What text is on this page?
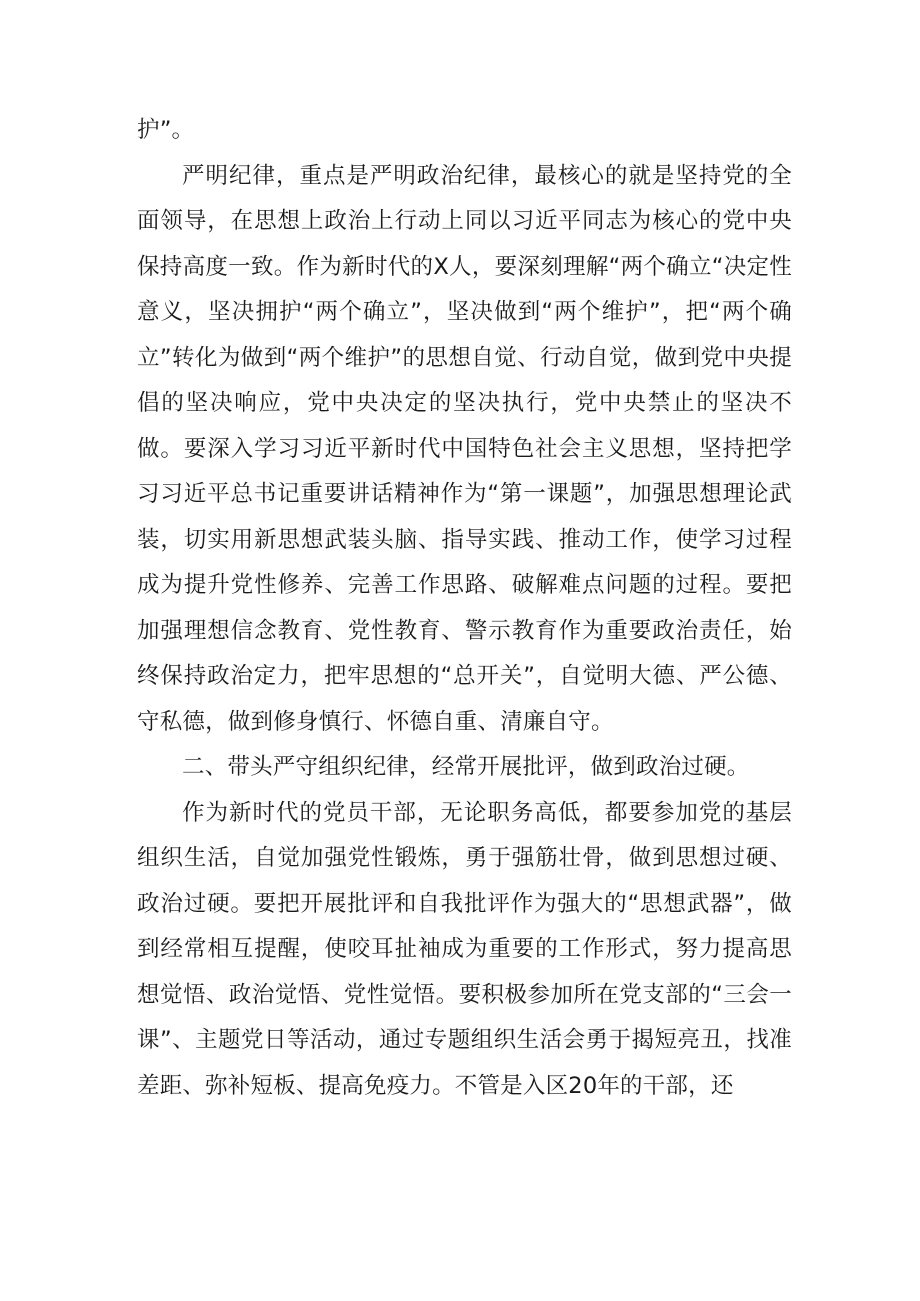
护”。

严明纪律，重点是严明政治纪律，最核心的就是坚持党的全面领导，在思想上政治上行动上同以习近平同志为核心的党中央保持高度一致。作为新时代的X人，要深刻理解“两个确立“决定性意义，坚决拥护“两个确立”，坚决做到“两个维护”，把“两个确立”转化为做到“两个维护”的思想自觉、行动自觉，做到党中央提倡的坚决响应，党中央决定的坚决执行，党中央禁止的坚决不做。要深入学习习近平新时代中国特色社会主义思想，坚持把学习习近平总书记重要讲话精神作为“第一课题”，加强思想理论武装，切实用新思想武装头脑、指导实践、推动工作，使学习过程成为提升党性修养、完善工作思路、破解难点问题的过程。要把加强理想信念教育、党性教育、警示教育作为重要政治责任，始终保持政治定力，把牢思想的“总开关”，自觉明大德、严公德、守私德，做到修身慎行、怀德自重、清廉自守。

二、带头严守组织纪律，经常开展批评，做到政治过硬。

作为新时代的党员干部，无论职务高低，都要参加党的基层组织生活，自觉加强党性锻炼，勇于强筋壮骨，做到思想过硬、政治过硬。要把开展批评和自我批评作为强大的“思想武器”，做到经常相互提醒，使咬耳扯袖成为重要的工作形式，努力提高思想觉悟、政治觉悟、党性觉悟。要积极参加所在党支部的“三会一课”、主题党日等活动，通过专题组织生活会勇于揭短亮丑，找准差距、弥补短板、提高免疫力。不管是入区20年的干部，还
